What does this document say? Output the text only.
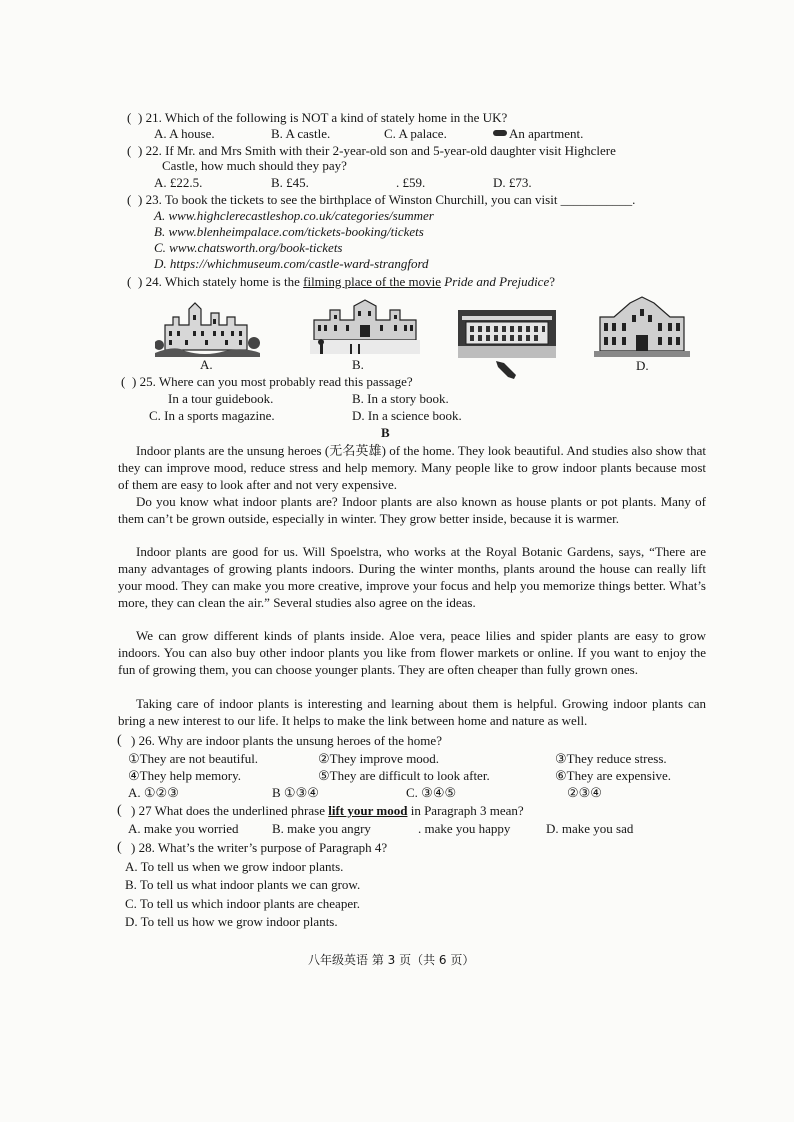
( ) 21. Which of the following is NOT a kind of stately home in the UK?
A. A house.	B. A castle.	C. A palace.	An apartment.
( ) 22. If Mr. and Mrs Smith with their 2-year-old son and 5-year-old daughter visit Highclere
Castle, how much should they pay?
A. £22.5.	B. £45.	. £59.	D. £73.
( ) 23. To book the tickets to see the birthplace of Winston Churchill, you can visit ___________.
A. www.highclerecastleshop.co.uk/categories/summer
B. www.blenheimpalace.com/tickets-booking/tickets
C. www.chatsworth.org/book-tickets
D. https://whichmuseum.com/castle-ward-strangford
( ) 24. Which stately home is the filming place of the movie Pride and Prejudice?
A.	B.	D.
( ) 25. Where can you most probably read this passage?
In a tour guidebook.	B. In a story book.
C. In a sports magazine.	D. In a science book.
B
Indoor plants are the unsung heroes (无名英雄) of the home. They look beautiful. And studies also show that they can improve mood, reduce stress and help memory. Many people like to grow indoor plants because most of them are easy to look after and not very expensive.
Do you know what indoor plants are? Indoor plants are also known as house plants or pot plants. Many of them can’t be grown outside, especially in winter. They grow better inside, because it is warmer.
Indoor plants are good for us. Will Spoelstra, who works at the Royal Botanic Gardens, says, “There are many advantages of growing plants indoors. During the winter months, plants around the house can really lift your mood. They can make you more creative, improve your focus and help you memorize things better. What’s more, they can clean the air.” Several studies also agree on the ideas.
We can grow different kinds of plants inside. Aloe vera, peace lilies and spider plants are easy to grow indoors. You can also buy other indoor plants you like from flower markets or online. If you want to enjoy the fun of growing them, you can choose younger plants. They are often cheaper than fully grown ones.
Taking care of indoor plants is interesting and learning about them is helpful. Growing indoor plants can bring a new interest to our life. It helps to make the link between home and nature as well.
( ) 26. Why are indoor plants the unsung heroes of the home?
①They are not beautiful.	②They improve mood.	③They reduce stress.
④They help memory.	⑤They are difficult to look after.	⑥They are expensive.
A. ①②③	B ①③④	C. ③④⑤	②③④
( ) 27 What does the underlined phrase lift your mood in Paragraph 3 mean?
A. make you worried	B. make you angry	. make you happy	D. make you sad
( ) 28. What’s the writer’s purpose of Paragraph 4?
A. To tell us when we grow indoor plants.
B. To tell us what indoor plants we can grow.
C. To tell us which indoor plants are cheaper.
D. To tell us how we grow indoor plants.
八年级英语 第 3 页（共 6 页）
